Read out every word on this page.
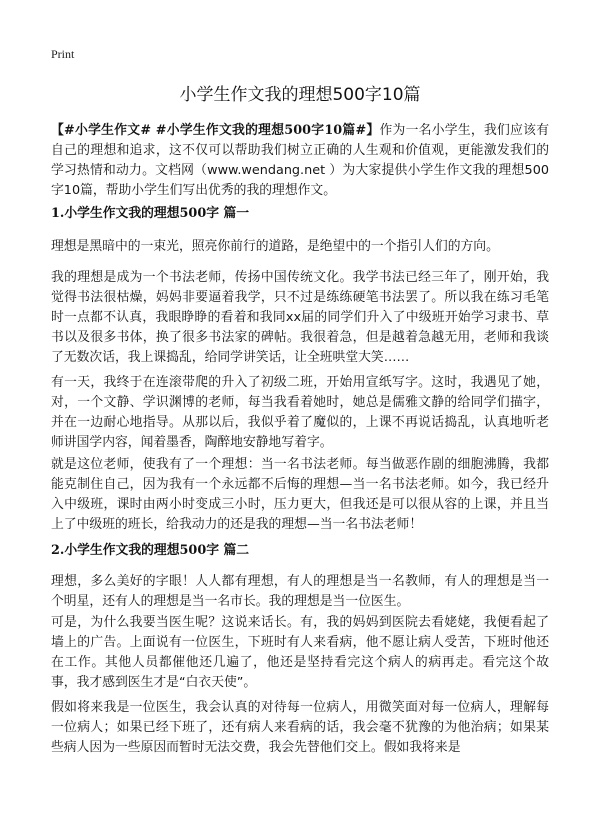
Print
小学生作文我的理想500字10篇

【#小学生作文# #小学生作文我的理想500字10篇#】作为一名小学生，我们应该有自己的理想和追求，这不仅可以帮助我们树立正确的人生观和价值观，更能激发我们的学习热情和动力。文档网（www.wendang.net ）为大家提供小学生作文我的理想500字10篇，帮助小学生们写出优秀的我的理想作文。

1.小学生作文我的理想500字 篇一

理想是黑暗中的一束光，照亮你前行的道路，是绝望中的一个指引人们的方向。

我的理想是成为一个书法老师，传扬中国传统文化。我学书法已经三年了，刚开始，我觉得书法很枯燥，妈妈非要逼着我学，只不过是练练硬笔书法罢了。所以我在练习毛笔时一点都不认真，我眼睁睁的看着和我同xx届的同学们升入了中级班开始学习隶书、草书以及很多书体，换了很多书法家的碑帖。我很着急，但是越着急越无用，老师和我谈了无数次话，我上课捣乱，给同学讲笑话，让全班哄堂大笑……

有一天，我终于在连滚带爬的升入了初级二班，开始用宣纸写字。这时，我遇见了她，对，一个文静、学识渊博的老师，每当我看着她时，她总是儒雅文静的给同学们描字，并在一边耐心地指导。从那以后，我似乎着了魔似的，上课不再说话捣乱，认真地听老师讲国学内容，闻着墨香，陶醉地安静地写着字。

就是这位老师，使我有了一个理想：当一名书法老师。每当做恶作剧的细胞沸腾，我都能克制住自己，因为我有一个永远都不后悔的理想—当一名书法老师。如今，我已经升入中级班，课时由两小时变成三小时，压力更大，但我还是可以很从容的上课，并且当上了中级班的班长，给我动力的还是我的理想—当一名书法老师！

2.小学生作文我的理想500字 篇二

理想，多么美好的字眼！人人都有理想，有人的理想是当一名教师，有人的理想是当一个明星，还有人的理想是当一名市长。我的理想是当一位医生。

可是，为什么我要当医生呢？这说来话长。有，我的妈妈到医院去看姥姥，我便看起了墙上的广告。上面说有一位医生，下班时有人来看病，他不愿让病人受苦，下班时他还在工作。其他人员都催他还几遍了，他还是坚持看完这个病人的病再走。看完这个故事，我才感到医生才是“白衣天使”。

假如将来我是一位医生，我会认真的对待每一位病人，用微笑面对每一位病人，理解每一位病人；如果已经下班了，还有病人来看病的话，我会毫不犹豫的为他治病；如果某些病人因为一些原因而暂时无法交费，我会先替他们交上。假如我将来是
